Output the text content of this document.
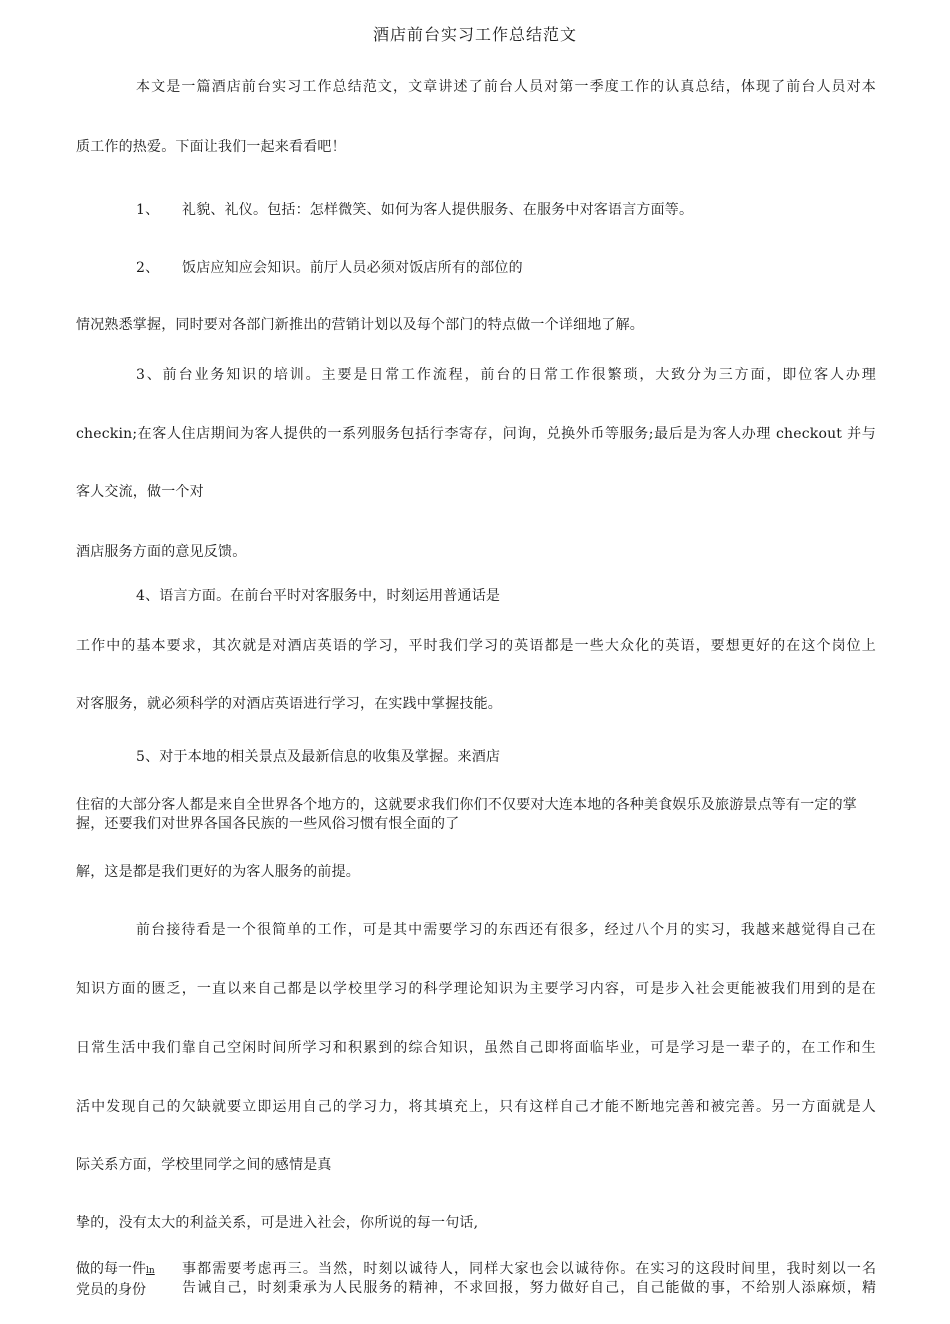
酒店前台实习工作总结范文
本文是一篇酒店前台实习工作总结范文，文章讲述了前台人员对第一季度工作的认真总结，体现了前台人员对本
质工作的热爱。下面让我们一起来看看吧！
1、 礼貌、礼仪。包括：怎样微笑、如何为客人提供服务、在服务中对客语言方面等。
2、 饭店应知应会知识。前厅人员必须对饭店所有的部位的
情况熟悉掌握，同时要对各部门新推出的营销计划以及每个部门的特点做一个详细地了解。
3、前台业务知识的培训。主要是日常工作流程，前台的日常工作很繁琐，大致分为三方面，即位客人办理
checkin;在客人住店期间为客人提供的一系列服务包括行李寄存，问询，兑换外币等服务;最后是为客人办理 checkout 并与
客人交流，做一个对
酒店服务方面的意见反馈。
4、语言方面。在前台平时对客服务中，时刻运用普通话是
工作中的基本要求，其次就是对酒店英语的学习，平时我们学习的英语都是一些大众化的英语，要想更好的在这个岗位上
对客服务，就必须科学的对酒店英语进行学习，在实践中掌握技能。
5、对于本地的相关景点及最新信息的收集及掌握。来酒店
住宿的大部分客人都是来自全世界各个地方的，这就要求我们你们不仅要对大连本地的各种美食娱乐及旅游景点等有一定的掌握，还要我们对世界各国各民族的一些风俗习惯有恨全面的了
解，这是都是我们更好的为客人服务的前提。
前台接待看是一个很简单的工作，可是其中需要学习的东西还有很多，经过八个月的实习，我越来越觉得自己在
知识方面的匮乏，一直以来自己都是以学校里学习的科学理论知识为主要学习内容，可是步入社会更能被我们用到的是在
日常生活中我们靠自己空闲时间所学习和积累到的综合知识，虽然自己即将面临毕业，可是学习是一辈子的，在工作和生
活中发现自己的欠缺就要立即运用自己的学习力，将其填充上，只有这样自己才能不断地完善和被完善。另一方面就是人
际关系方面，学校里同学之间的感情是真
挚的，没有太大的利益关系，可是进入社会，你所说的每一句话,
做的每一件ln
党员的身份
事都需要考虑再三。当然，时刻以诚待人，同样大家也会以诚待你。在实习的这段时间里，我时刻以一名
告诫自己，时刻秉承为人民服务的精神，不求回报，努力做好自己，自己能做的事，不给别人添麻烦，精
